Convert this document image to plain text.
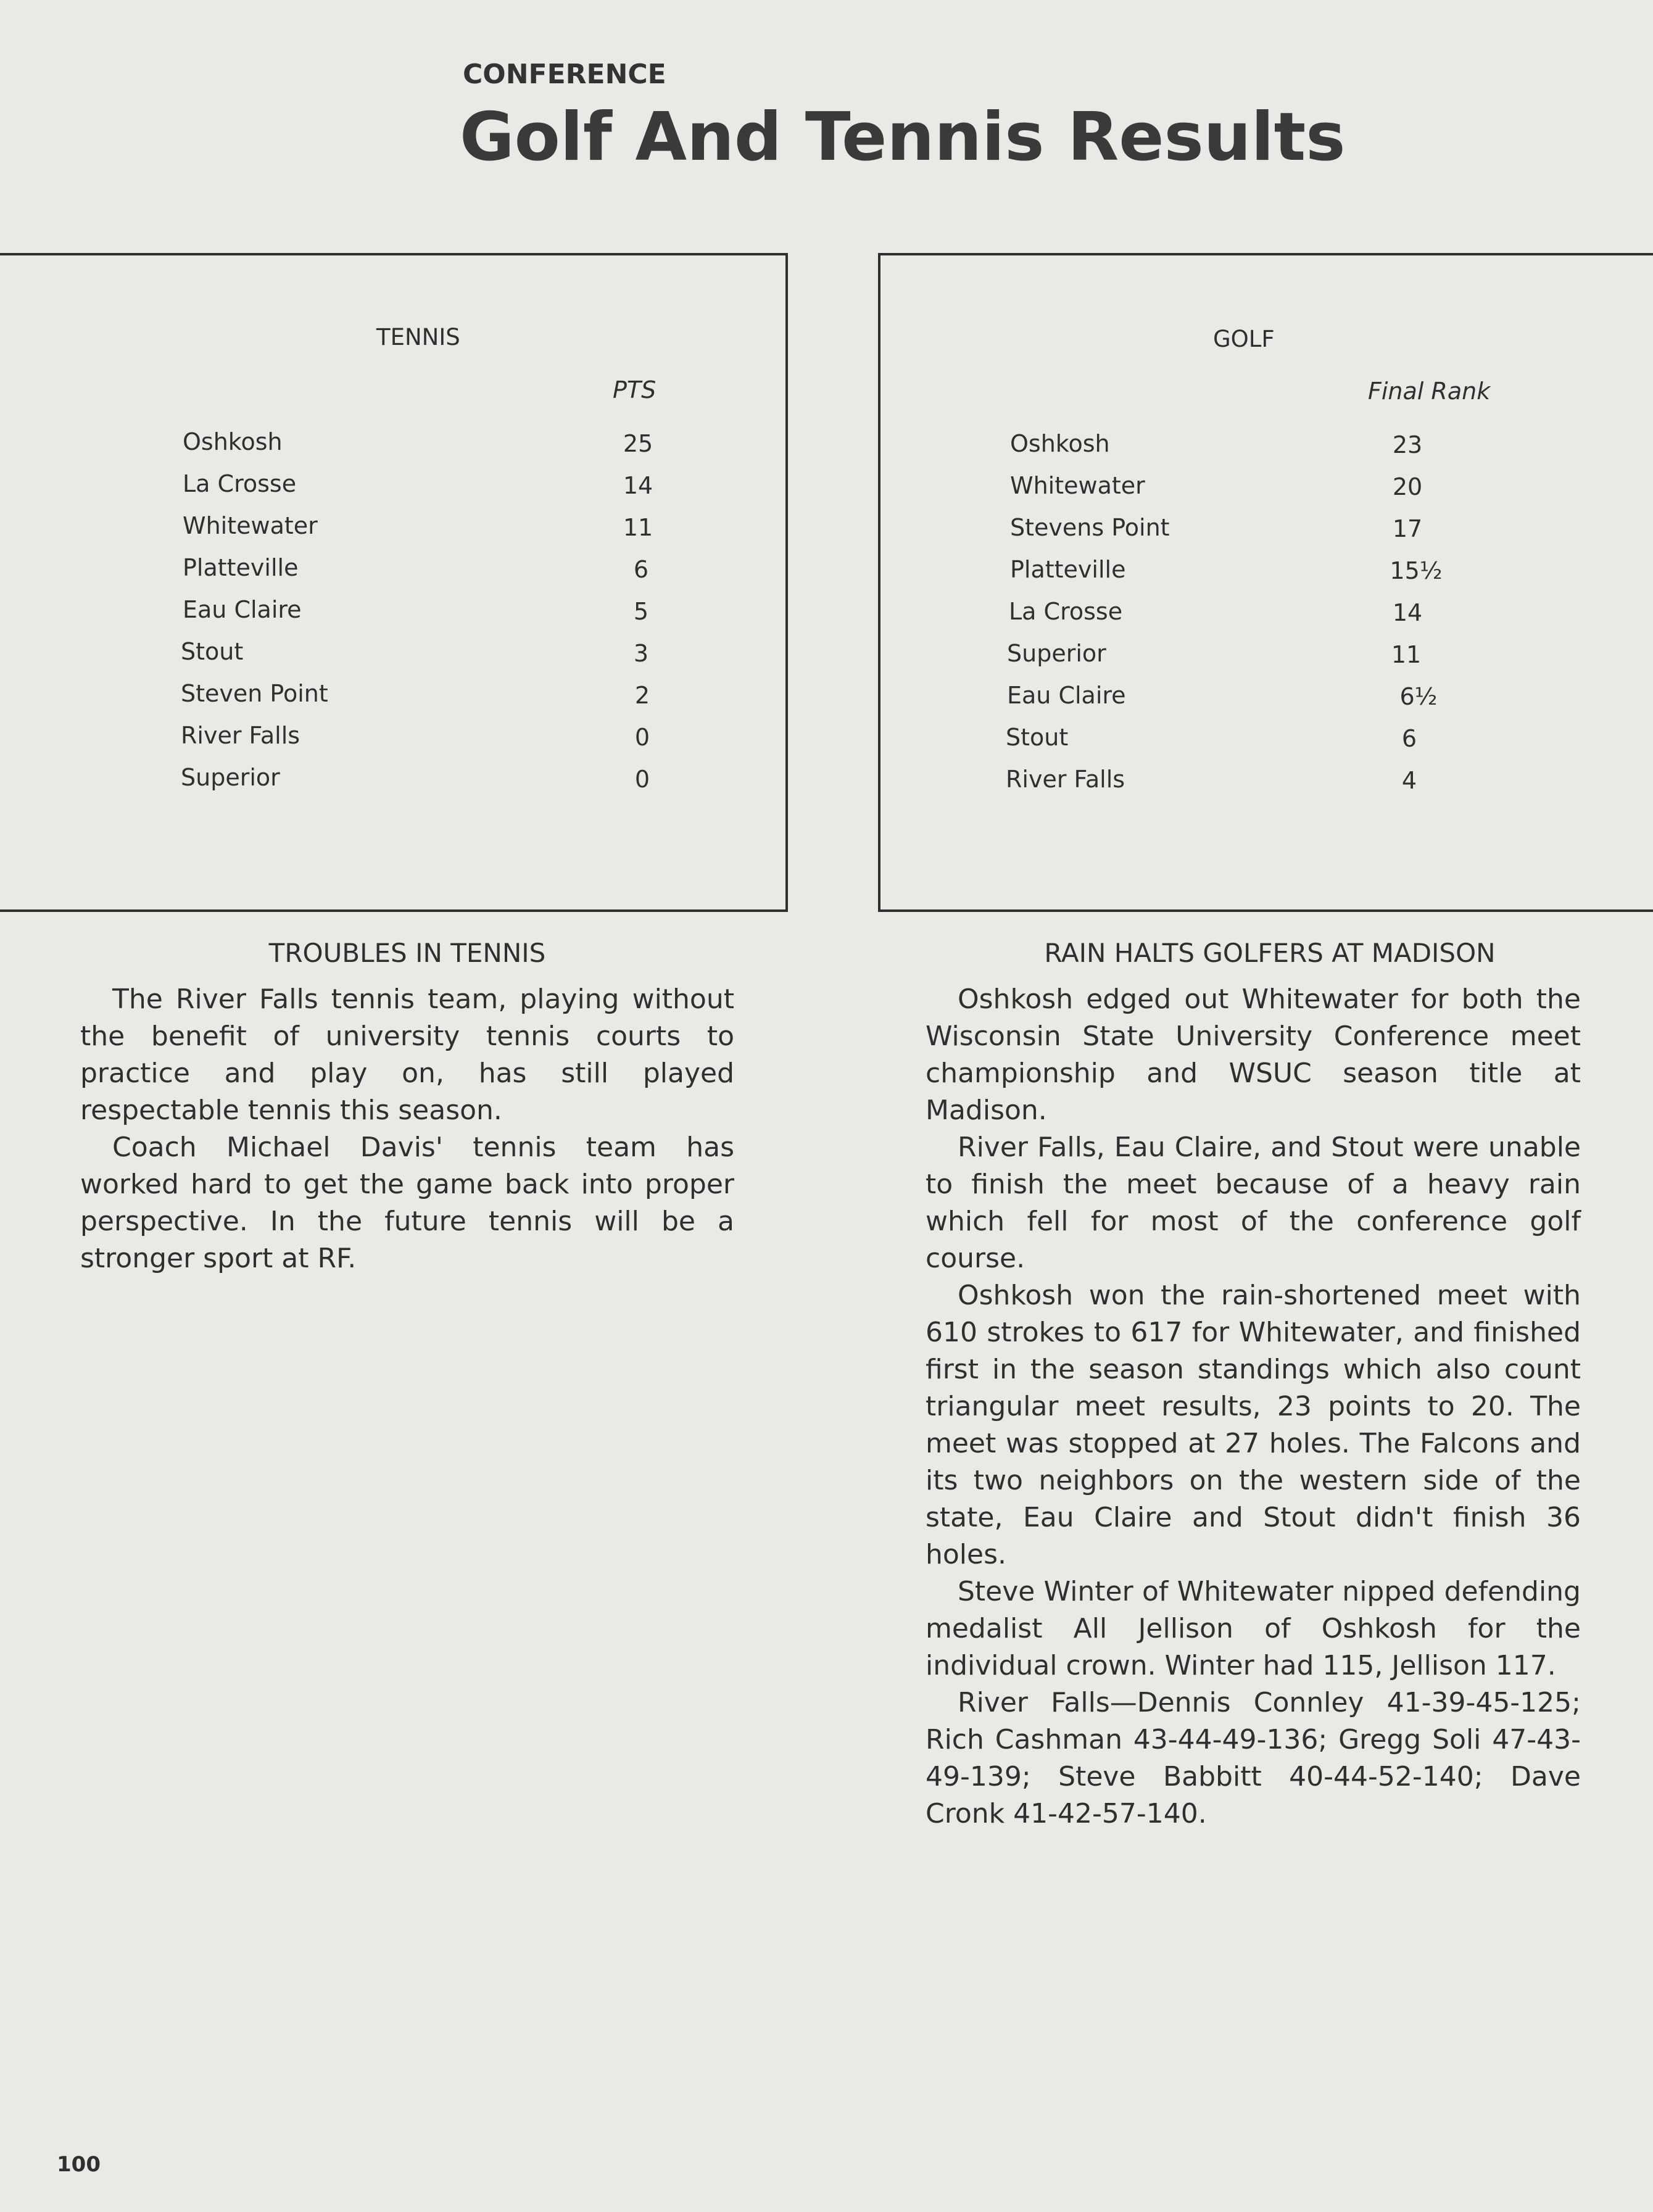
CONFERENCE
Golf And Tennis Results
TENNIS
PTS
Oshkosh	25
La Crosse	14
Whitewater	11
Platteville	6
Eau Claire	5
Stout	3
Steven Point	2
River Falls	0
Superior	0
GOLF
Final Rank
Oshkosh	23
Whitewater	20
Stevens Point	17
Platteville	15½
La Crosse	14
Superior	11
Eau Claire	6½
Stout	6
River Falls	4
TROUBLES IN TENNIS

The River Falls tennis team, playing without the benefit of university tennis courts to practice and play on, has still played respectable tennis this season.

Coach Michael Davis' tennis team has worked hard to get the game back into proper perspective. In the future tennis will be a stronger sport at RF.

RAIN HALTS GOLFERS AT MADISON

Oshkosh edged out Whitewater for both the Wisconsin State University Conference meet championship and WSUC season title at Madison.

River Falls, Eau Claire, and Stout were unable to finish the meet because of a heavy rain which fell for most of the conference golf course.

Oshkosh won the rain-shortened meet with 610 strokes to 617 for Whitewater, and finished first in the season standings which also count triangular meet results, 23 points to 20. The meet was stopped at 27 holes. The Falcons and its two neighbors on the western side of the state, Eau Claire and Stout didn't finish 36 holes.

Steve Winter of Whitewater nipped defending medalist All Jellison of Oshkosh for the individual crown. Winter had 115, Jellison 117.

River Falls—Dennis Connley 41-39-45-125; Rich Cashman 43-44-49-136; Gregg Soli 47-43-49-139; Steve Babbitt 40-44-52-140; Dave Cronk 41-42-57-140.

100
